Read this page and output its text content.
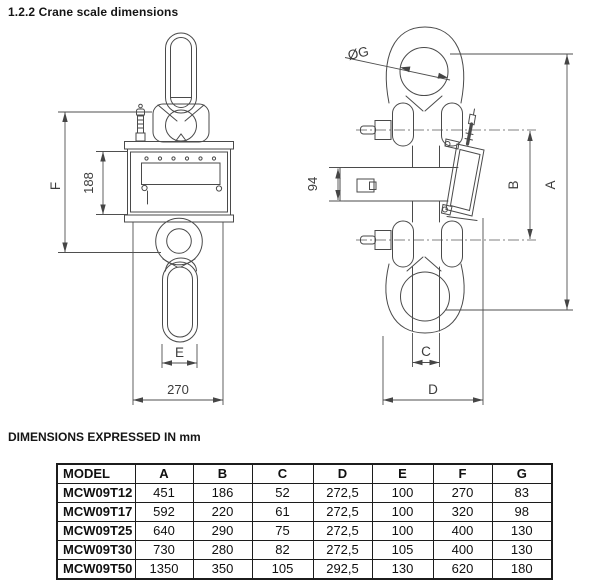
1.2.2 Crane scale dimensions
F 188
E
270
ØG
94	B A
C
D
DIMENSIONS EXPRESSED IN mm
MODEL	A	B	C	D	E	F	G
MCW09T12	451	186	52	272,5	100	270	83
MCW09T17	592	220	61	272,5	100	320	98
MCW09T25	640	290	75	272,5	100	400	130
MCW09T30	730	280	82	272,5	105	400	130
MCW09T50	1350	350	105	292,5	130	620	180
